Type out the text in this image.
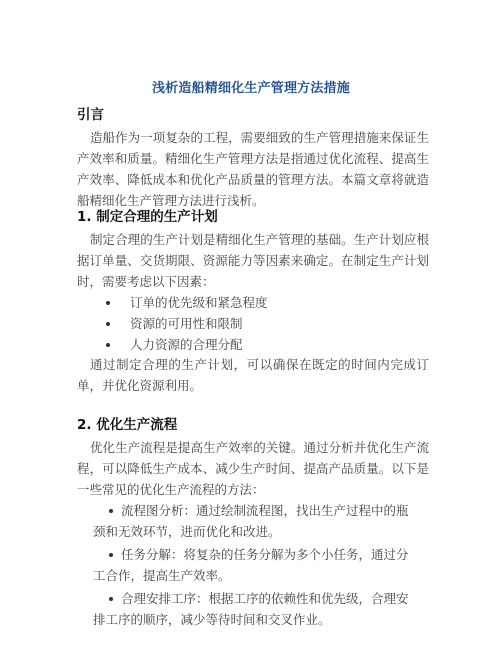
浅析造船精细化生产管理方法措施
引言

造船作为一项复杂的工程，需要细致的生产管理措施来保证生产效率和质量。精细化生产管理方法是指通过优化流程、提高生产效率、降低成本和优化产品质量的管理方法。本篇文章将就造船精细化生产管理方法进行浅析。

1. 制定合理的生产计划

制定合理的生产计划是精细化生产管理的基础。生产计划应根据订单量、交货期限、资源能力等因素来确定。在制定生产计划时，需要考虑以下因素：

订单的优先级和紧急程度
资源的可用性和限制
人力资源的合理分配

通过制定合理的生产计划，可以确保在既定的时间内完成订单，并优化资源利用。

2. 优化生产流程

优化生产流程是提高生产效率的关键。通过分析并优化生产流程，可以降低生产成本、减少生产时间、提高产品质量。以下是一些常见的优化生产流程的方法：

流程图分析：通过绘制流程图，找出生产过程中的瓶颈和无效环节，进而优化和改进。
任务分解：将复杂的任务分解为多个小任务，通过分工合作，提高生产效率。
合理安排工序：根据工序的依赖性和优先级，合理安排工序的顺序，减少等待时间和交叉作业。
